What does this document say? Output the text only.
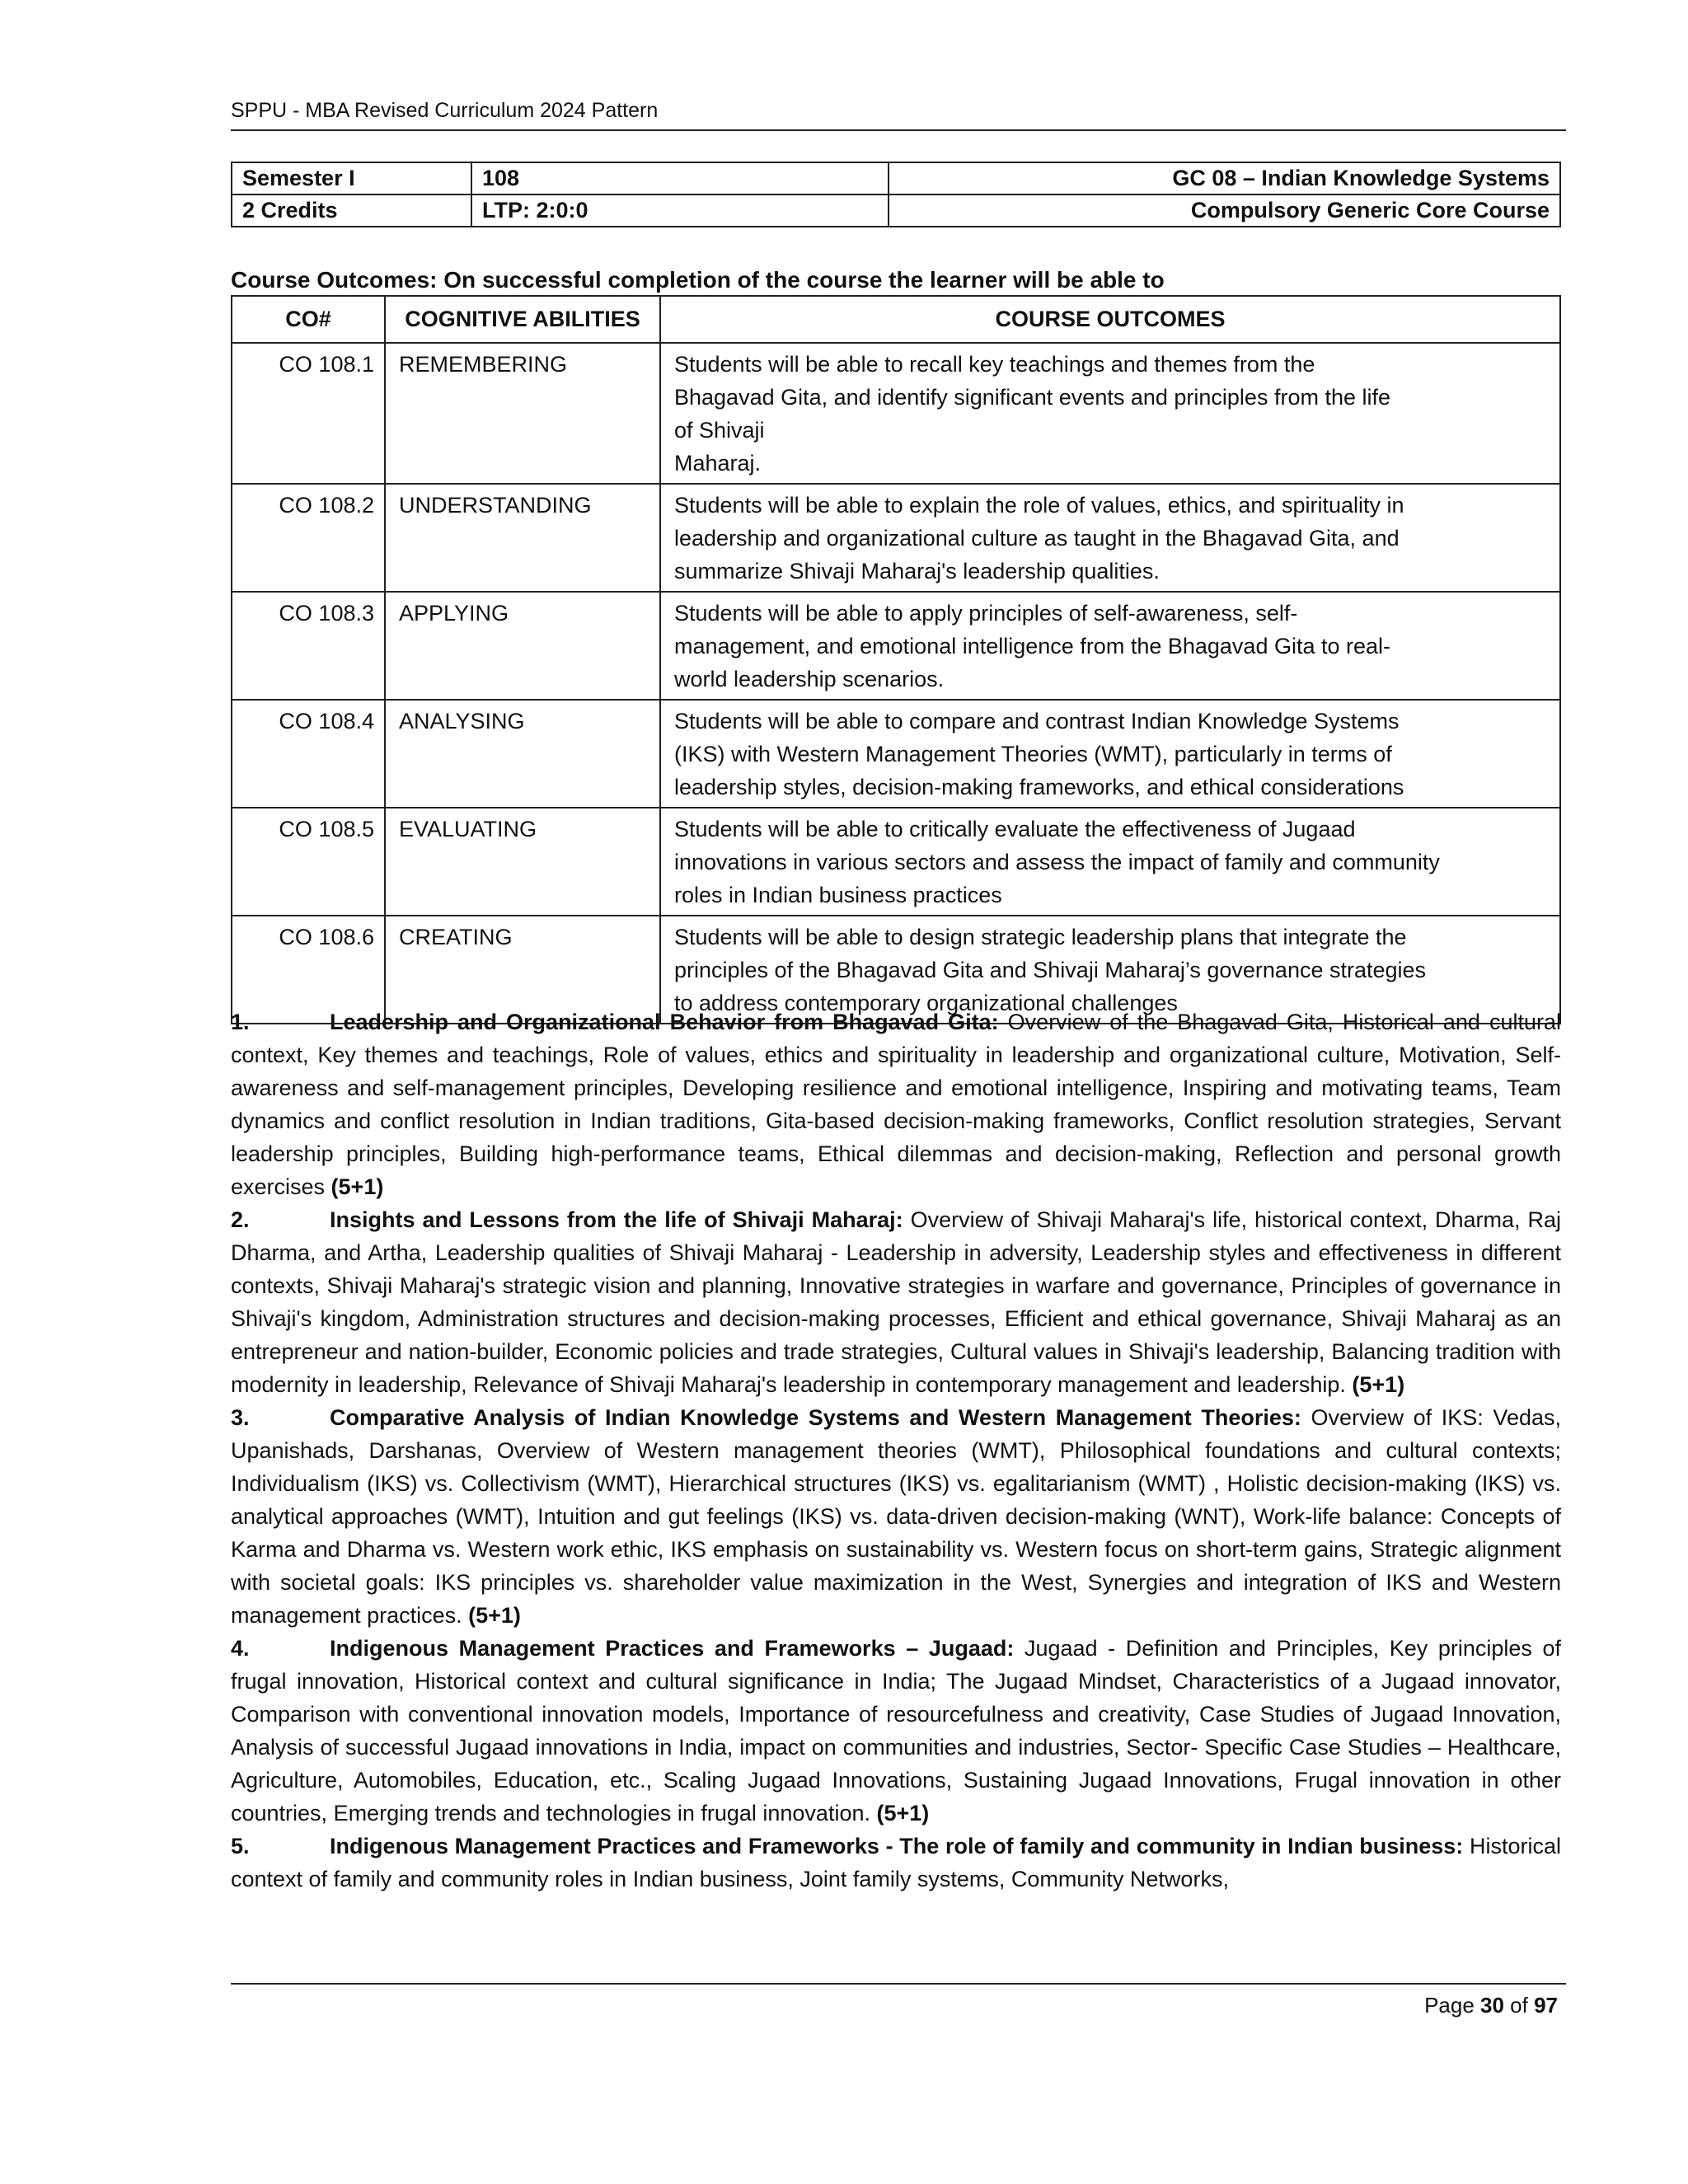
SPPU - MBA Revised Curriculum 2024 Pattern
Semester I	108	GC 08 – Indian Knowledge Systems
2 Credits	LTP: 2:0:0	Compulsory Generic Core Course
Course Outcomes: On successful completion of the course the learner will be able to
CO#	COGNITIVE ABILITIES	COURSE OUTCOMES
CO 108.1	REMEMBERING	Students will be able to recall key teachings and themes from the
Bhagavad Gita, and identify significant events and principles from the life
of Shivaji
Maharaj.

CO 108.2	UNDERSTANDING	Students will be able to explain the role of values, ethics, and spirituality in
leadership and organizational culture as taught in the Bhagavad Gita, and
summarize Shivaji Maharaj's leadership qualities.

CO 108.3	APPLYING	Students will be able to apply principles of self-awareness, self-
management, and emotional intelligence from the Bhagavad Gita to real-
world leadership scenarios.

CO 108.4	ANALYSING	Students will be able to compare and contrast Indian Knowledge Systems
(IKS) with Western Management Theories (WMT), particularly in terms of
leadership styles, decision-making frameworks, and ethical considerations

CO 108.5	EVALUATING	Students will be able to critically evaluate the effectiveness of Jugaad
innovations in various sectors and assess the impact of family and community
roles in Indian business practices

CO 108.6	CREATING	Students will be able to design strategic leadership plans that integrate the
principles of the Bhagavad Gita and Shivaji Maharaj’s governance strategies
to address contemporary organizational challenges

1.	Leadership and Organizational Behavior from Bhagavad Gita: Overview of the Bhagavad Gita, Historical and cultural context, Key themes and teachings, Role of values, ethics and spirituality in leadership and organizational culture, Motivation, Self-awareness and self-management principles, Developing resilience and emotional intelligence, Inspiring and motivating teams, Team dynamics and conflict resolution in Indian traditions, Gita-based decision-making frameworks, Conflict resolution strategies, Servant leadership principles, Building high-performance teams, Ethical dilemmas and decision-making, Reflection and personal growth exercises (5+1)

2.	Insights and Lessons from the life of Shivaji Maharaj: Overview of Shivaji Maharaj's life, historical context, Dharma, Raj Dharma, and Artha, Leadership qualities of Shivaji Maharaj - Leadership in adversity, Leadership styles and effectiveness in different contexts, Shivaji Maharaj's strategic vision and planning, Innovative strategies in warfare and governance, Principles of governance in Shivaji's kingdom, Administration structures and decision-making processes, Efficient and ethical governance, Shivaji Maharaj as an entrepreneur and nation-builder, Economic policies and trade strategies, Cultural values in Shivaji's leadership, Balancing tradition with modernity in leadership, Relevance of Shivaji Maharaj's leadership in contemporary management and leadership. (5+1)

3.	Comparative Analysis of Indian Knowledge Systems and Western Management Theories: Overview of IKS: Vedas, Upanishads, Darshanas, Overview of Western management theories (WMT), Philosophical foundations and cultural contexts; Individualism (IKS) vs. Collectivism (WMT), Hierarchical structures (IKS) vs. egalitarianism (WMT) , Holistic decision-making (IKS) vs. analytical approaches (WMT), Intuition and gut feelings (IKS) vs. data-driven decision-making (WNT), Work-life balance: Concepts of Karma and Dharma vs. Western work ethic, IKS emphasis on sustainability vs. Western focus on short-term gains, Strategic alignment with societal goals: IKS principles vs. shareholder value maximization in the West, Synergies and integration of IKS and Western management practices. (5+1)

4.	Indigenous Management Practices and Frameworks – Jugaad: Jugaad - Definition and Principles, Key principles of frugal innovation, Historical context and cultural significance in India; The Jugaad Mindset, Characteristics of a Jugaad innovator, Comparison with conventional innovation models, Importance of resourcefulness and creativity, Case Studies of Jugaad Innovation, Analysis of successful Jugaad innovations in India, impact on communities and industries, Sector- Specific Case Studies – Healthcare, Agriculture, Automobiles, Education, etc., Scaling Jugaad Innovations, Sustaining Jugaad Innovations, Frugal innovation in other countries, Emerging trends and technologies in frugal innovation. (5+1)

5.	Indigenous Management Practices and Frameworks - The role of family and community in Indian business: Historical context of family and community roles in Indian business, Joint family systems, Community Networks,

Page 30 of 97
